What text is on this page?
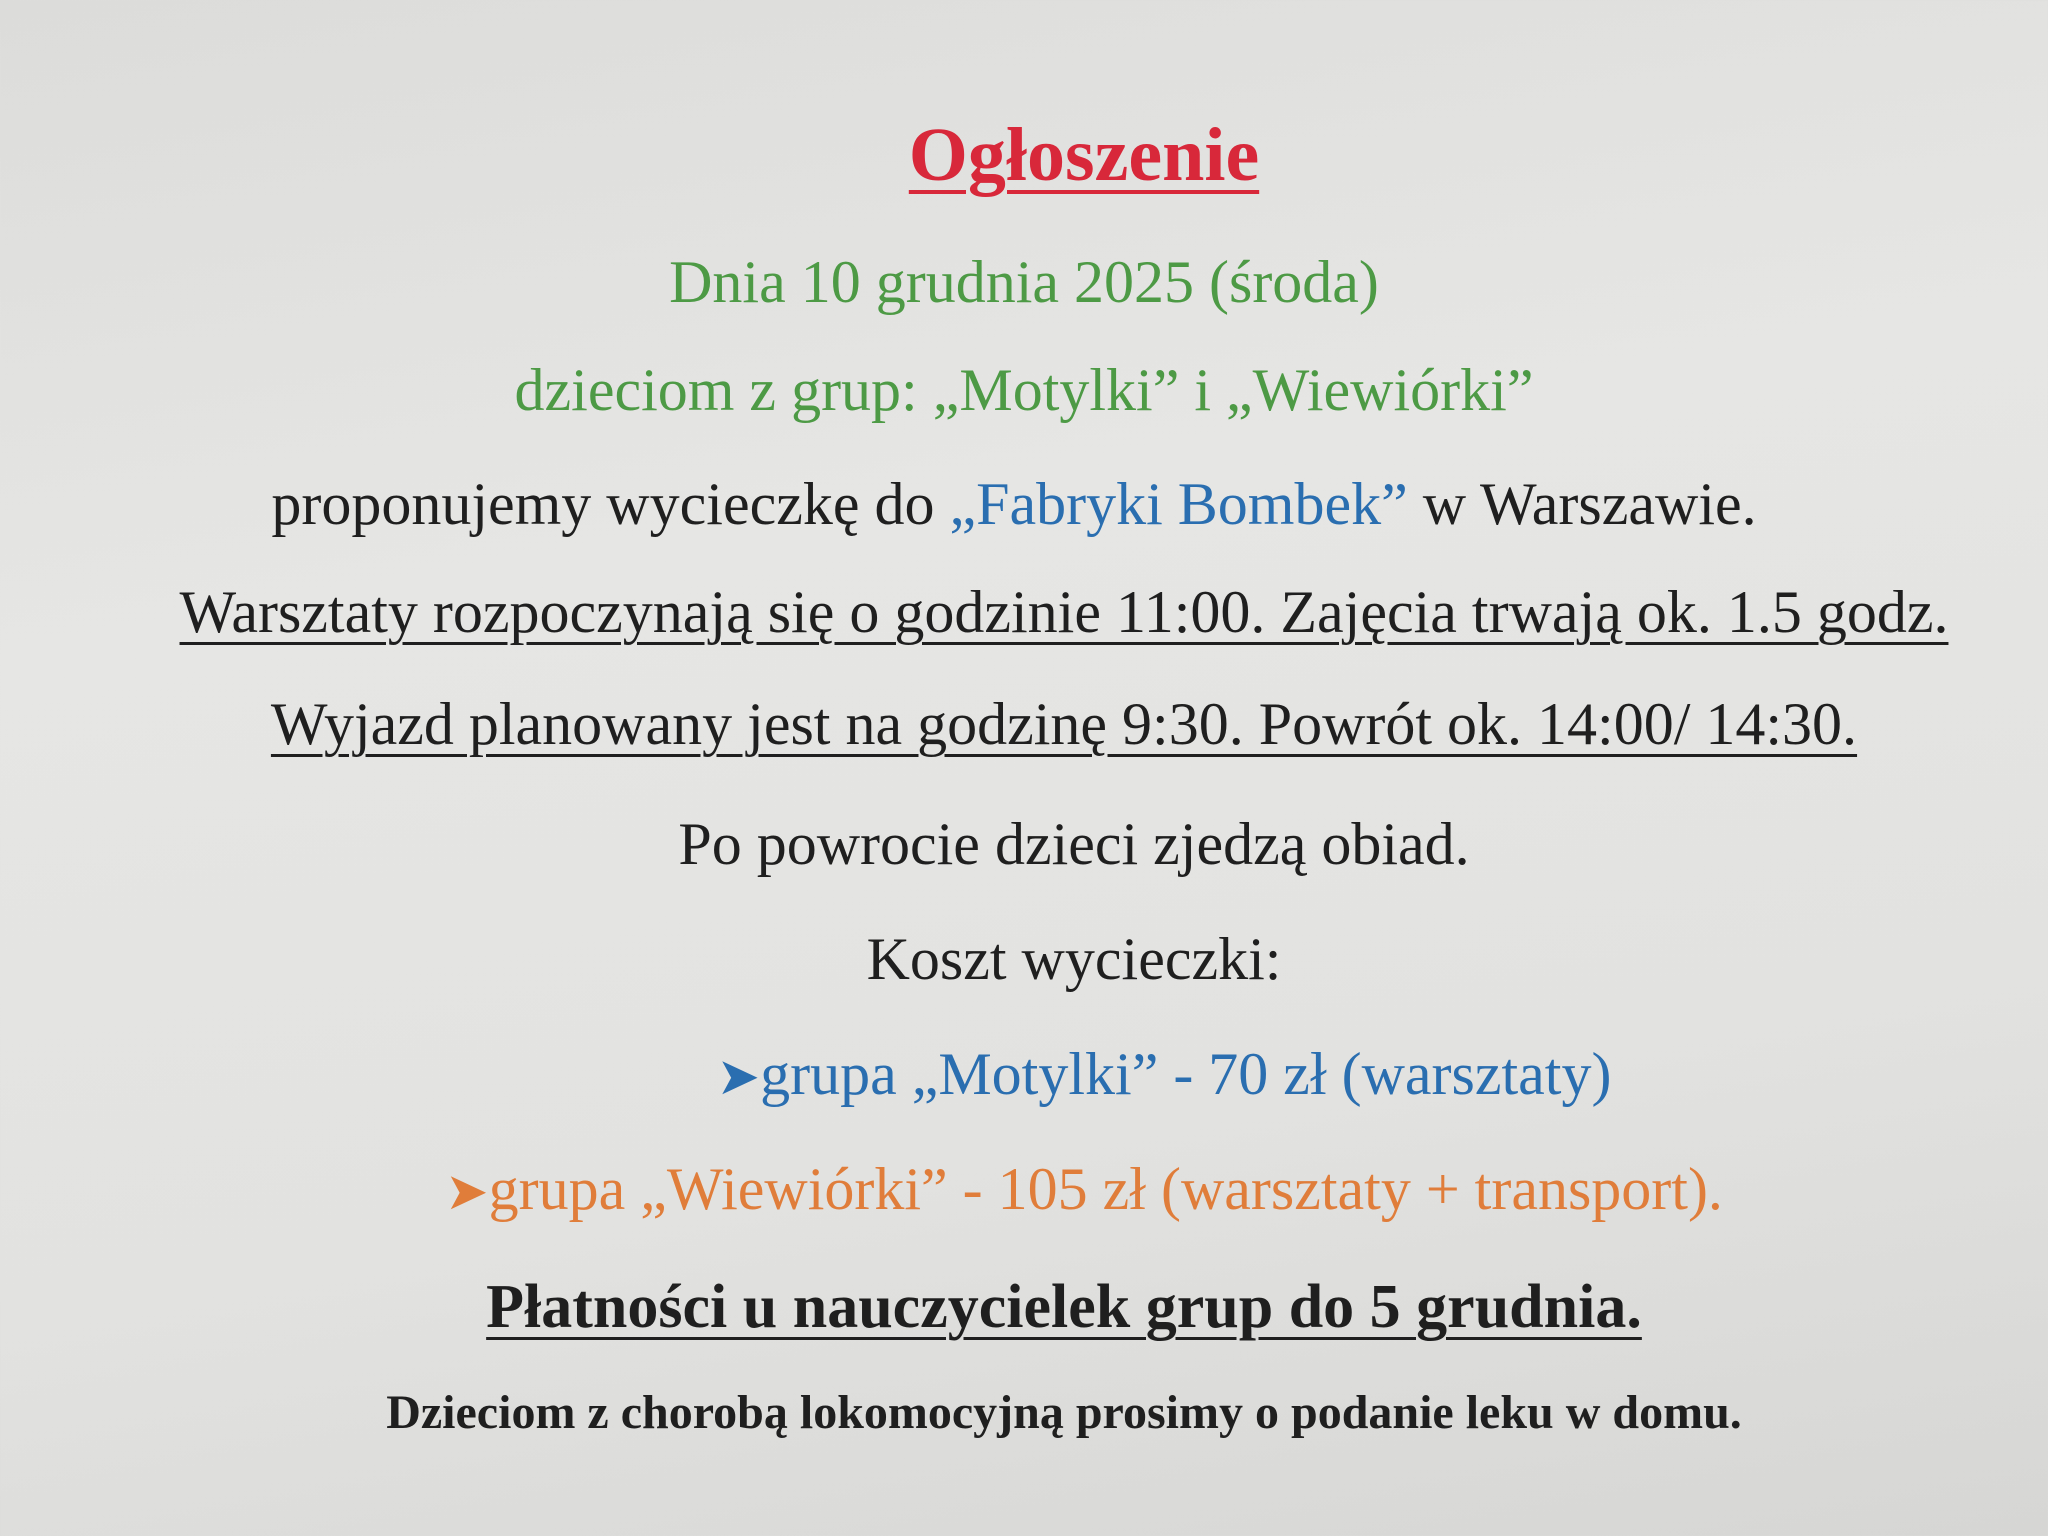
Ogłoszenie
Dnia 10 grudnia 2025 (środa)
dzieciom z grup: „Motylki” i „Wiewiórki”
proponujemy wycieczkę do „Fabryki Bombek” w Warszawie.
Warsztaty rozpoczynają się o godzinie 11:00. Zajęcia trwają ok. 1.5 godz.
Wyjazd planowany jest na godzinę 9:30. Powrót ok. 14:00/ 14:30.
Po powrocie dzieci zjedzą obiad.
Koszt wycieczki:
➤grupa „Motylki” - 70 zł (warsztaty)
➤grupa „Wiewiórki” - 105 zł (warsztaty + transport).
Płatności u nauczycielek grup do 5 grudnia.
Dzieciom z chorobą lokomocyjną prosimy o podanie leku w domu.
